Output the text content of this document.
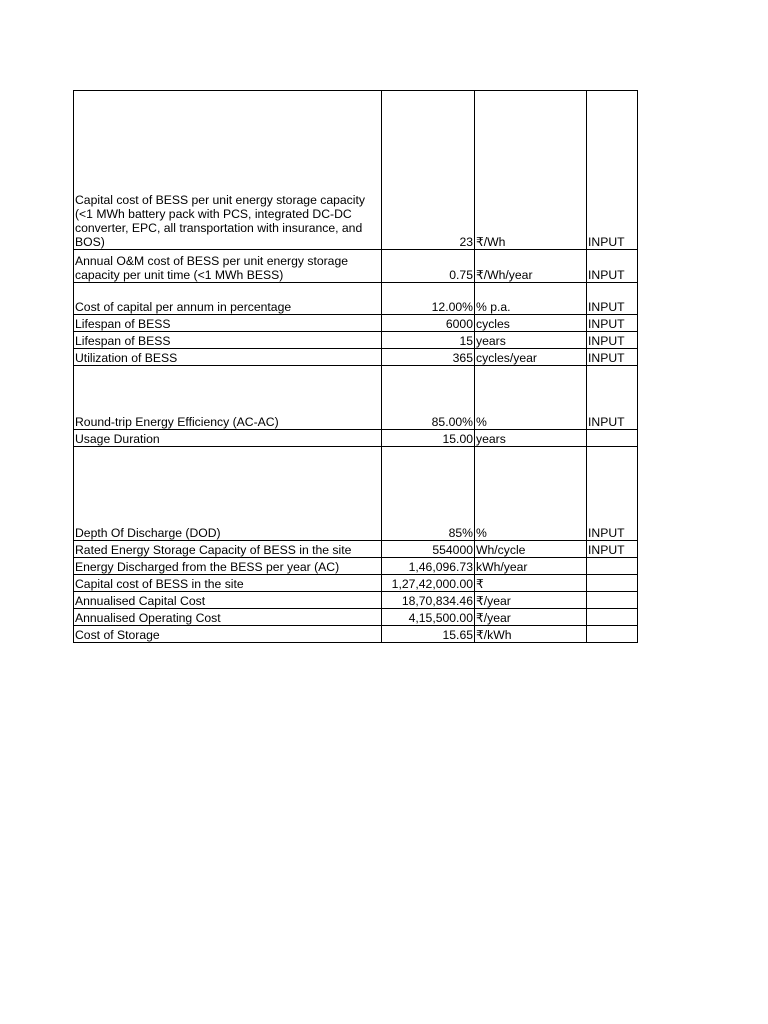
Capital cost of BESS per unit energy storage capacity (<1 MWh battery pack with PCS, integrated DC-DC converter, EPC, all transportation with insurance, and BOS)	23	₹/Wh	INPUT
Annual O&M cost of BESS per unit energy storage capacity per unit time (<1 MWh BESS)	0.75	₹/Wh/year	INPUT
Cost of capital per annum in percentage	12.00%	% p.a.	INPUT
Lifespan of BESS	6000	cycles	INPUT
Lifespan of BESS	15	years	INPUT
Utilization of BESS	365	cycles/year	INPUT
Round-trip Energy Efficiency (AC-AC)	85.00%	%	INPUT
Usage Duration	15.00	years	
Depth Of Discharge (DOD)	85%	%	INPUT
Rated Energy Storage Capacity of BESS in the site	554000	Wh/cycle	INPUT
Energy Discharged from the BESS per year (AC)	1,46,096.73	kWh/year	
Capital cost of BESS in the site	1,27,42,000.00	₹	
Annualised Capital Cost	18,70,834.46	₹/year	
Annualised Operating Cost	4,15,500.00	₹/year	
Cost of Storage	15.65	₹/kWh	
